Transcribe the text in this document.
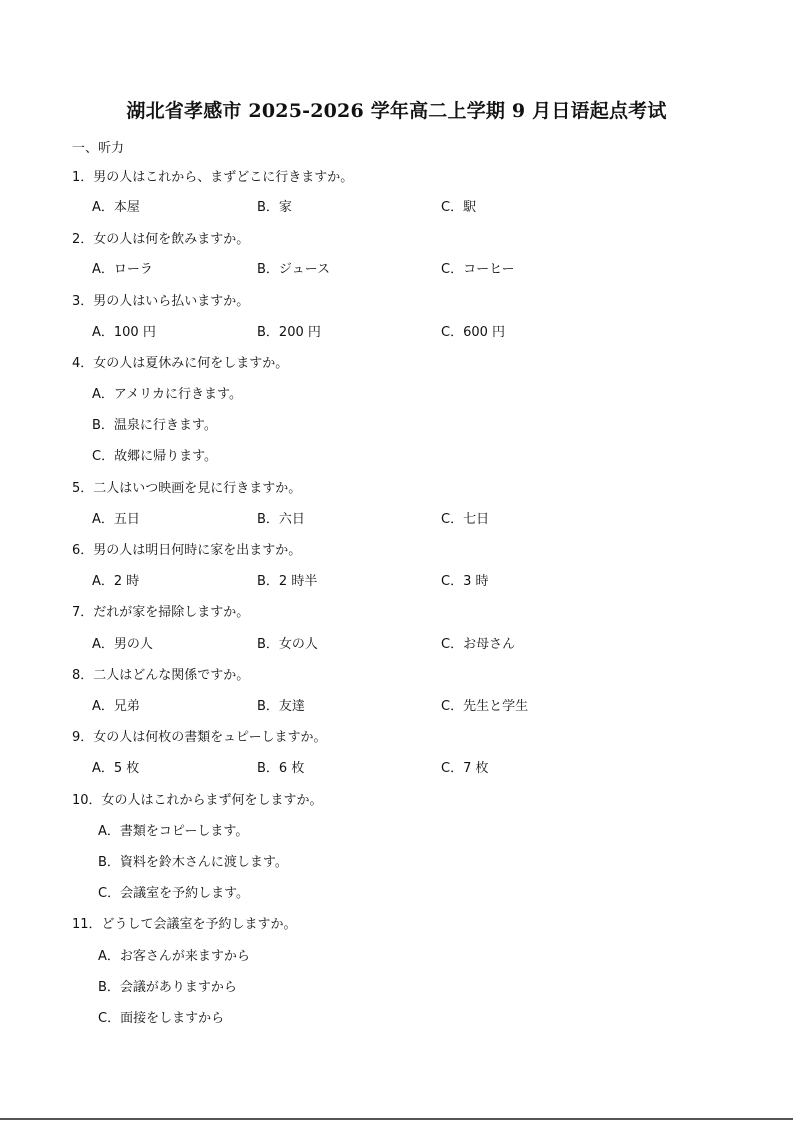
湖北省孝感市 2025-2026 学年高二上学期 9 月日语起点考试
一、听力
1．男の人はこれから、まずどこに行きますか。
A．本屋	B．家	C．駅
2．女の人は何を飲みますか。
A．ローラ	B．ジュース	C．コーヒー
3．男の人はいら払いますか。
A．100 円	B．200 円	C．600 円
4．女の人は夏休みに何をしますか。
A．アメリカに行きます。
B．温泉に行きます。
C．故郷に帰ります。
5．二人はいつ映画を見に行きますか。
A．五日	B．六日	C．七日
6．男の人は明日何時に家を出ますか。
A．2 時	B．2 時半	C．3 時
7．だれが家を掃除しますか。
A．男の人	B．女の人	C．お母さん
8．二人はどんな関係ですか。
A．兄弟	B．友達	C．先生と学生
9．女の人は何枚の書類をュピーしますか。
A．5 枚	B．6 枚	C．7 枚
10．女の人はこれからまず何をしますか。
A．書類をコピーします。
B．資料を鈴木さんに渡します。
C．会議室を予約します。
11．どうして会議室を予約しますか。
A．お客さんが来ますから
B．会議がありますから
C．面接をしますから
